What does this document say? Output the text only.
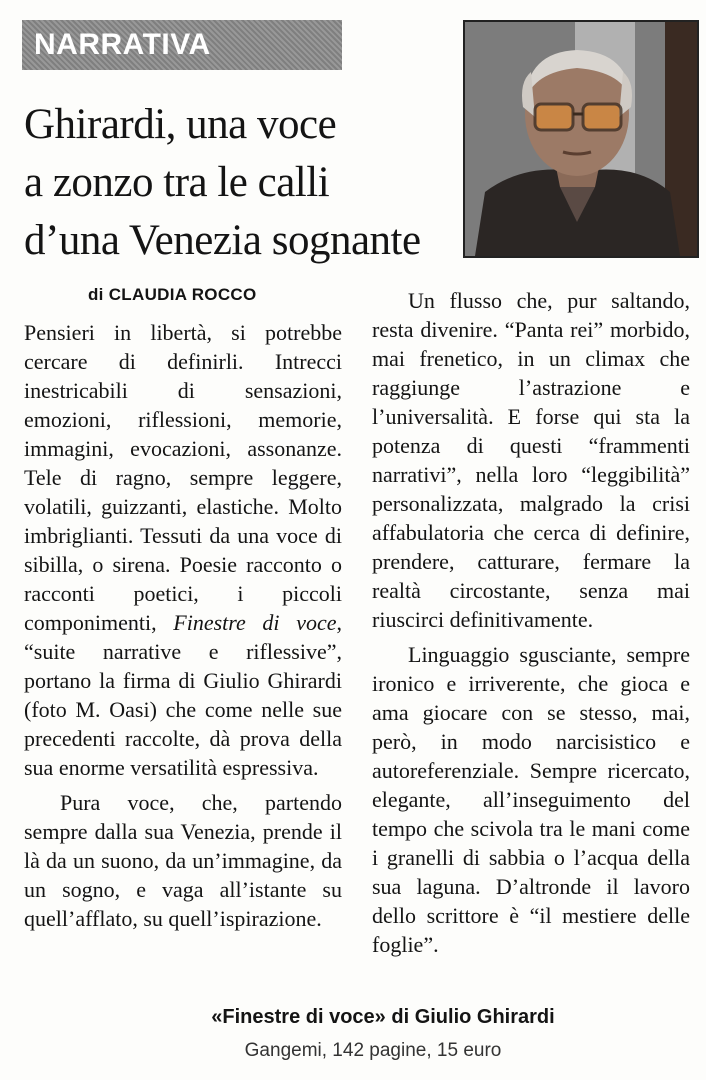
NARRATIVA
Ghirardi, una voce
a zonzo tra le calli
d’una Venezia sognante
di CLAUDIA ROCCO

Pensieri in libertà, si potrebbe cercare di definirli. Intrecci inestricabili di sensazioni, emozioni, riflessioni, memorie, immagini, evocazioni, assonanze. Tele di ragno, sempre leggere, volatili, guizzanti, elastiche. Molto imbriglianti. Tessuti da una voce di sibilla, o sirena. Poesie racconto o racconti poetici, i piccoli componimenti, Finestre di voce, “suite narrative e riflessive”, portano la firma di Giulio Ghirardi (foto M. Oasi) che come nelle sue precedenti raccolte, dà prova della sua enorme versatilità espressiva.

Pura voce, che, partendo sempre dalla sua Venezia, prende il là da un suono, da un’immagine, da un sogno, e vaga all’istante su quell’afflato, su quell’ispirazione.

Un flusso che, pur saltando, resta divenire. “Panta rei” morbido, mai frenetico, in un climax che raggiunge l’astrazione e l’universalità. E forse qui sta la potenza di questi “frammenti narrativi”, nella loro “leggibilità” personalizzata, malgrado la crisi affabulatoria che cerca di definire, prendere, catturare, fermare la realtà circostante, senza mai riuscirci definitivamente.

Linguaggio sgusciante, sempre ironico e irriverente, che gioca e ama giocare con se stesso, mai, però, in modo narcisistico e autoreferenziale. Sempre ricercato, elegante, all’inseguimento del tempo che scivola tra le mani come i granelli di sabbia o l’acqua della sua laguna. D’altronde il lavoro dello scrittore è “il mestiere delle foglie”.

«Finestre di voce» di Giulio Ghirardi
Gangemi, 142 pagine, 15 euro
